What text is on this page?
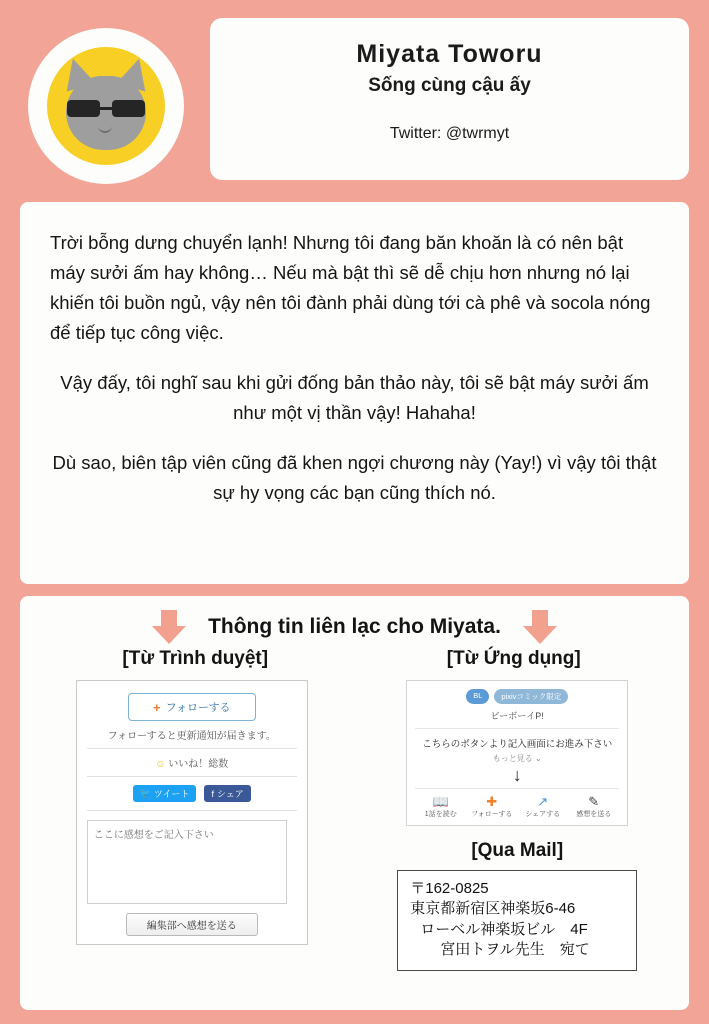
Miyata Toworu
Sống cùng cậu ấy
Twitter: @twrmyt

Trời bỗng dưng chuyển lạnh! Nhưng tôi đang băn khoăn là có nên bật máy sưởi ấm hay không… Nếu mà bật thì sẽ dễ chịu hơn nhưng nó lại khiến tôi buồn ngủ, vậy nên tôi đành phải dùng tới cà phê và socola nóng để tiếp tục công việc.

Vậy đấy, tôi nghĩ sau khi gửi đống bản thảo này, tôi sẽ bật máy sưởi ấm như một vị thần vậy! Hahaha!

Dù sao, biên tập viên cũng đã khen ngợi chương này (Yay!) vì vậy tôi thật sự hy vọng các bạn cũng thích nó.

Thông tin liên lạc cho Miyata.
[Từ Trình duyệt]	[Từ Ứng dụng]
+ フォローする
フォローすると更新通知が届きます。
☺ いいね！総数
🐦 ツイート f シェア
ここに感想をご記入下さい
編集部へ感想を送る
BL	pixivコミック限定
ビーボーイP!
こちらのボタンより記入画面にお進み下さい
もっと見る ⌄
↓
📖
1話を読む
✚
フォローする
↗
シェアする
✎
感想を送る
[Qua Mail]
〒162-0825
東京都新宿区神楽坂6-46
ローベル神楽坂ビル　4F
宮田トヲル先生　宛て
